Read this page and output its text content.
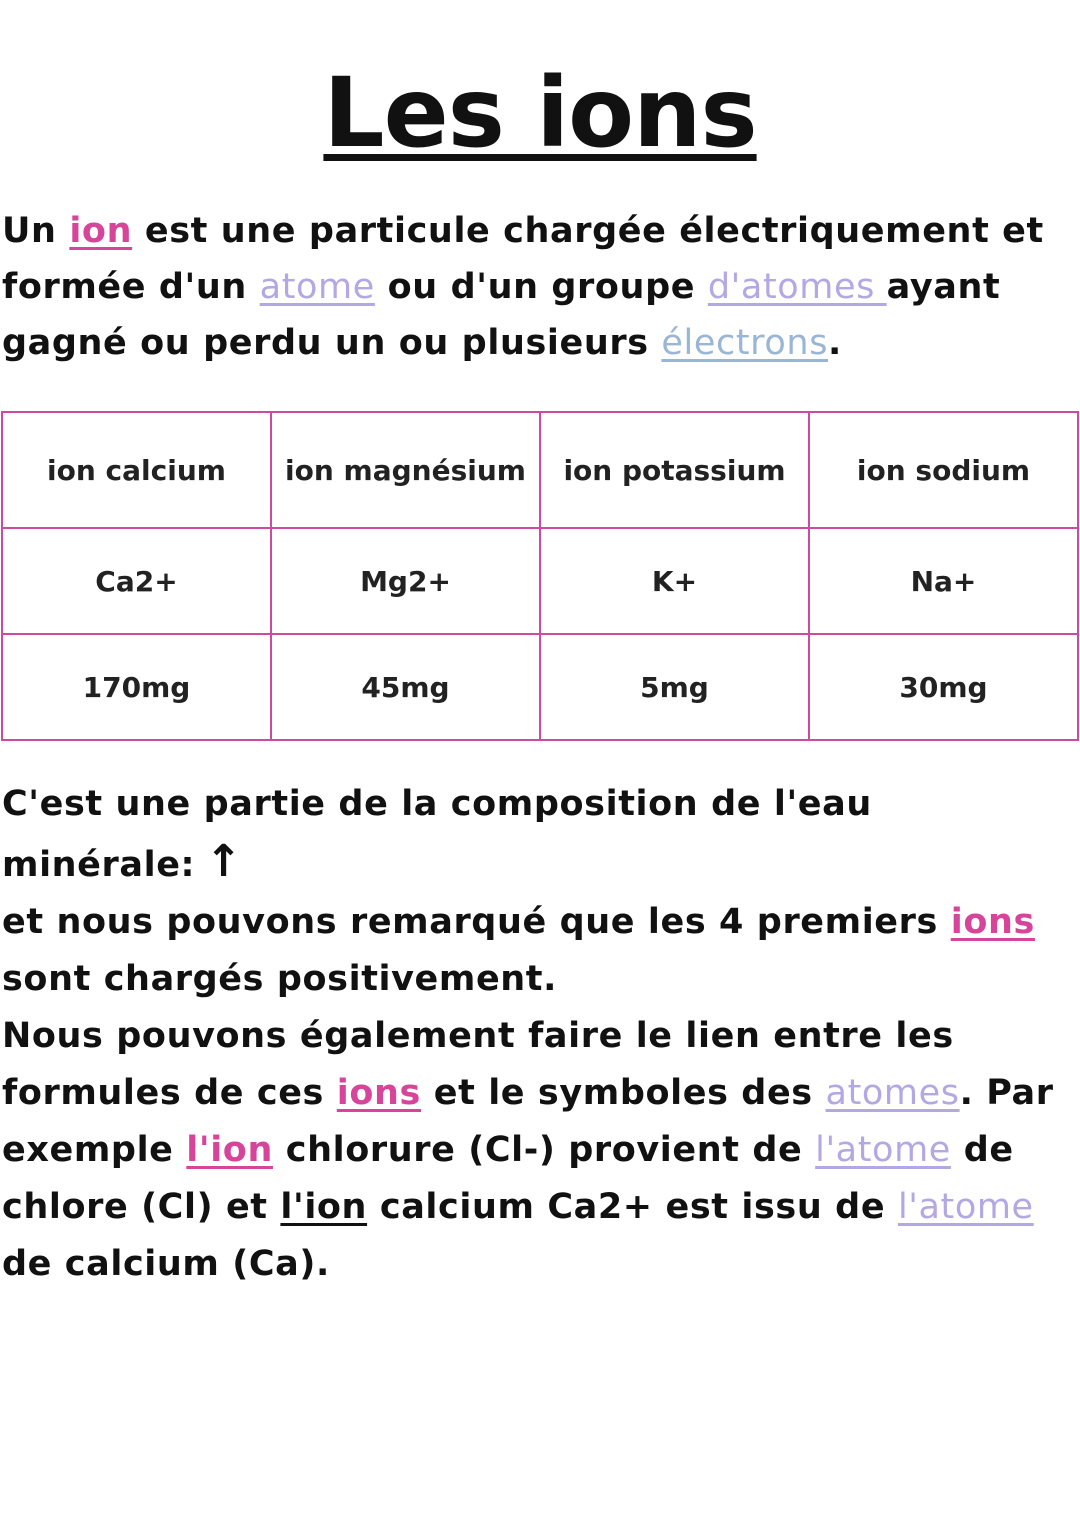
Les ions

Un ion est une particule chargée électriquement et formée d'un atome ou d'un groupe d'atomes ayant gagné ou perdu un ou plusieurs électrons.

ion calcium	ion magnésium	ion potassium	ion sodium
Ca2+	Mg2+	K+	Na+
170mg	45mg	5mg	30mg

C'est une partie de la composition de l'eau minérale: ↑
et nous pouvons remarqué que les 4 premiers ions sont chargés positivement.
Nous pouvons également faire le lien entre les formules de ces ions et le symboles des atomes. Par exemple l'ion chlorure (Cl-) provient de l'atome de chlore (Cl) et l'ion calcium Ca2+ est issu de l'atome de calcium (Ca).
